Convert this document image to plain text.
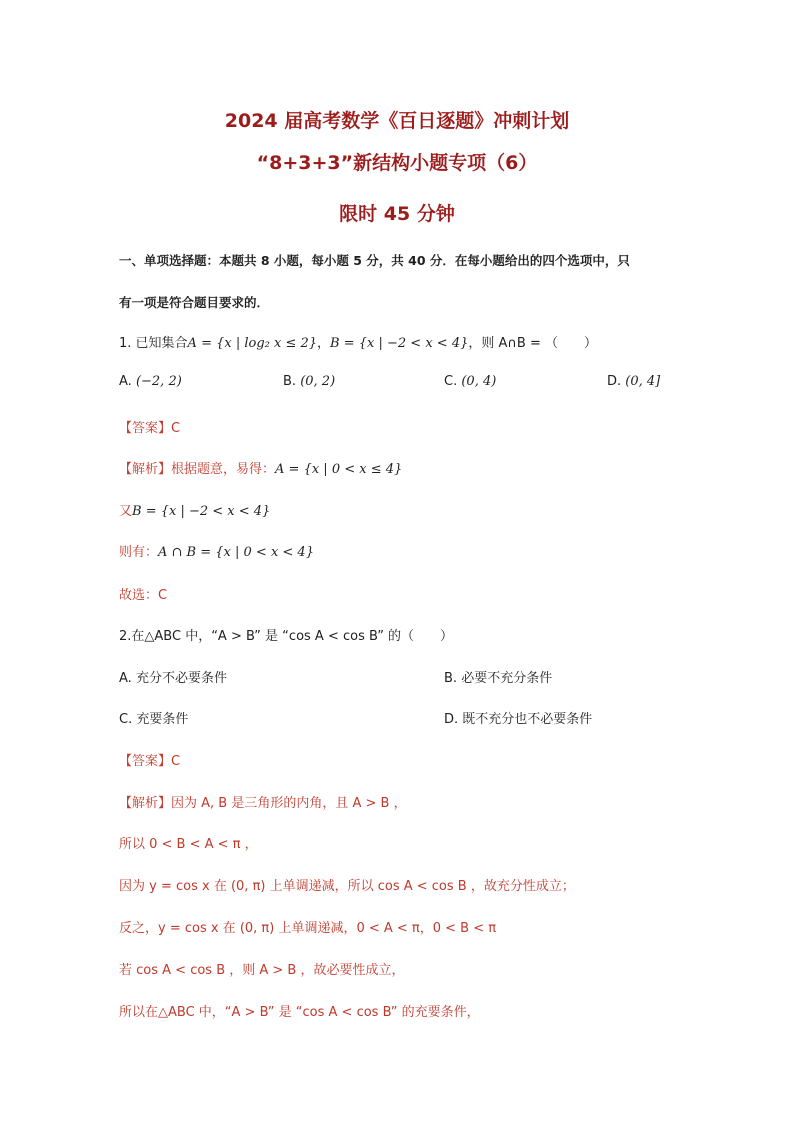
2024 届高考数学《百日逐题》冲刺计划
“8+3+3”新结构小题专项（6）
限时 45 分钟
一、单项选择题：本题共 8 小题，每小题 5 分，共 40 分．在每小题给出的四个选项中，只
有一项是符合题目要求的．
1. 已知集合A = {x | log₂ x ≤ 2}，B = {x | −2 < x < 4}，则 A∩B = （　　）
A. (−2, 2)	B. (0, 2)	C. (0, 4)	D. (0, 4]
【答案】C
【解析】根据题意，易得：A = {x | 0 < x ≤ 4}
又B = {x | −2 < x < 4}
则有：A ∩ B = {x | 0 < x < 4}
故选：C
2.在△ABC 中，“A > B” 是 “cos A < cos B” 的（　　）
A. 充分不必要条件	B. 必要不充分条件
C. 充要条件	D. 既不充分也不必要条件
【答案】C
【解析】因为 A, B 是三角形的内角，且 A > B ，
所以 0 < B < A < π ，
因为 y = cos x 在 (0, π) 上单调递减，所以 cos A < cos B ，故充分性成立；
反之，y = cos x 在 (0, π) 上单调递减，0 < A < π，0 < B < π
若 cos A < cos B ，则 A > B ，故必要性成立，
所以在△ABC 中，“A > B” 是 “cos A < cos B” 的充要条件，
